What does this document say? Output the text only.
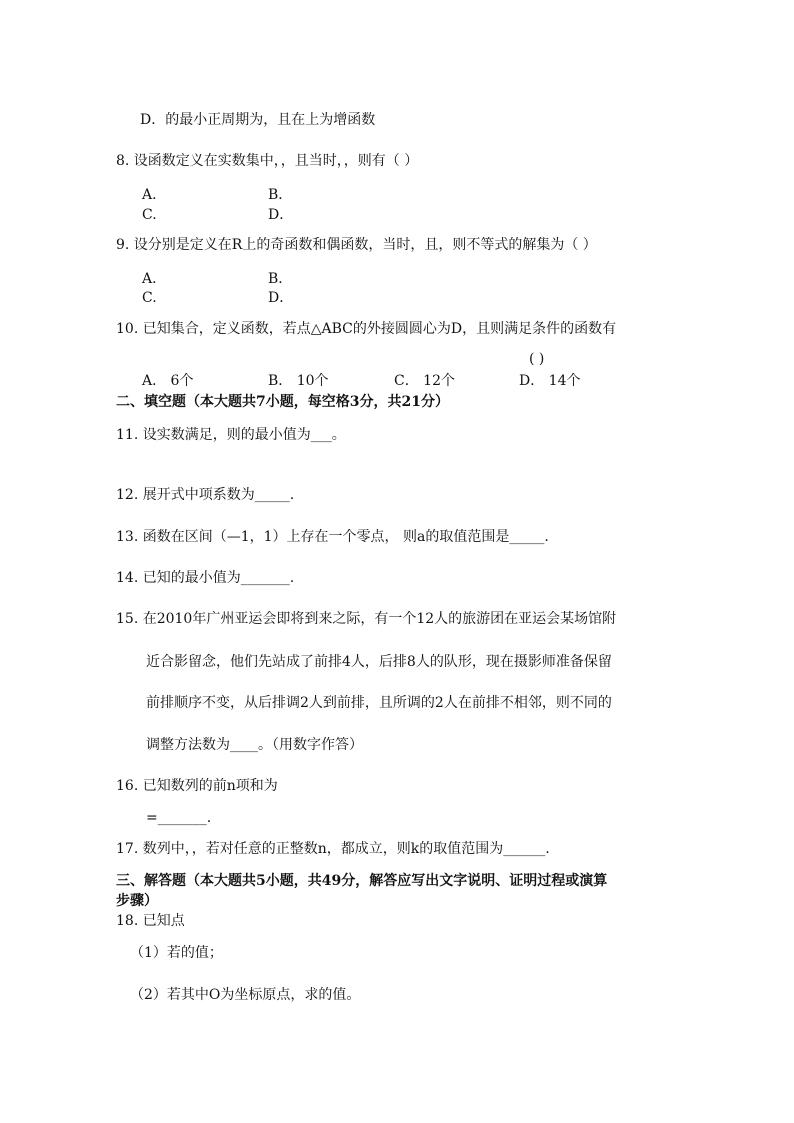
D．的最小正周期为，且在上为增函数
8. 设函数定义在实数集中，，且当时，，则有（ ）
A．	B．
C.	D．
9. 设分别是定义在R上的奇函数和偶函数，当时，且，则不等式的解集为（ ）
A．	B．
C.	D．
10. 已知集合，定义函数，若点△ABC的外接圆圆心为D，且则满足条件的函数有
( )
A． 6个	B． 10个	C． 12个	D． 14个
二、填空题（本大题共7小题，每空格3分，共21分）
11. 设实数满足，则的最小值为___。
12. 展开式中项系数为_____.
13. 函数在区间（—1，1）上存在一个零点， 则a的取值范围是_____.
14. 已知的最小值为_______.
15. 在2010年广州亚运会即将到来之际，有一个12人的旅游团在亚运会某场馆附
近合影留念，他们先站成了前排4人，后排8人的队形，现在摄影师准备保留
前排顺序不变，从后排调2人到前排，且所调的2人在前排不相邻，则不同的
调整方法数为____。（用数字作答）
16. 已知数列的前n项和为
=_______.
17. 数列中，，若对任意的正整数n，都成立，则k的取值范围为______.
三、解答题（本大题共5小题，共49分，解答应写出文字说明、证明过程或演算
步骤）
18. 已知点
（1）若的值；
（2）若其中O为坐标原点，求的值。
